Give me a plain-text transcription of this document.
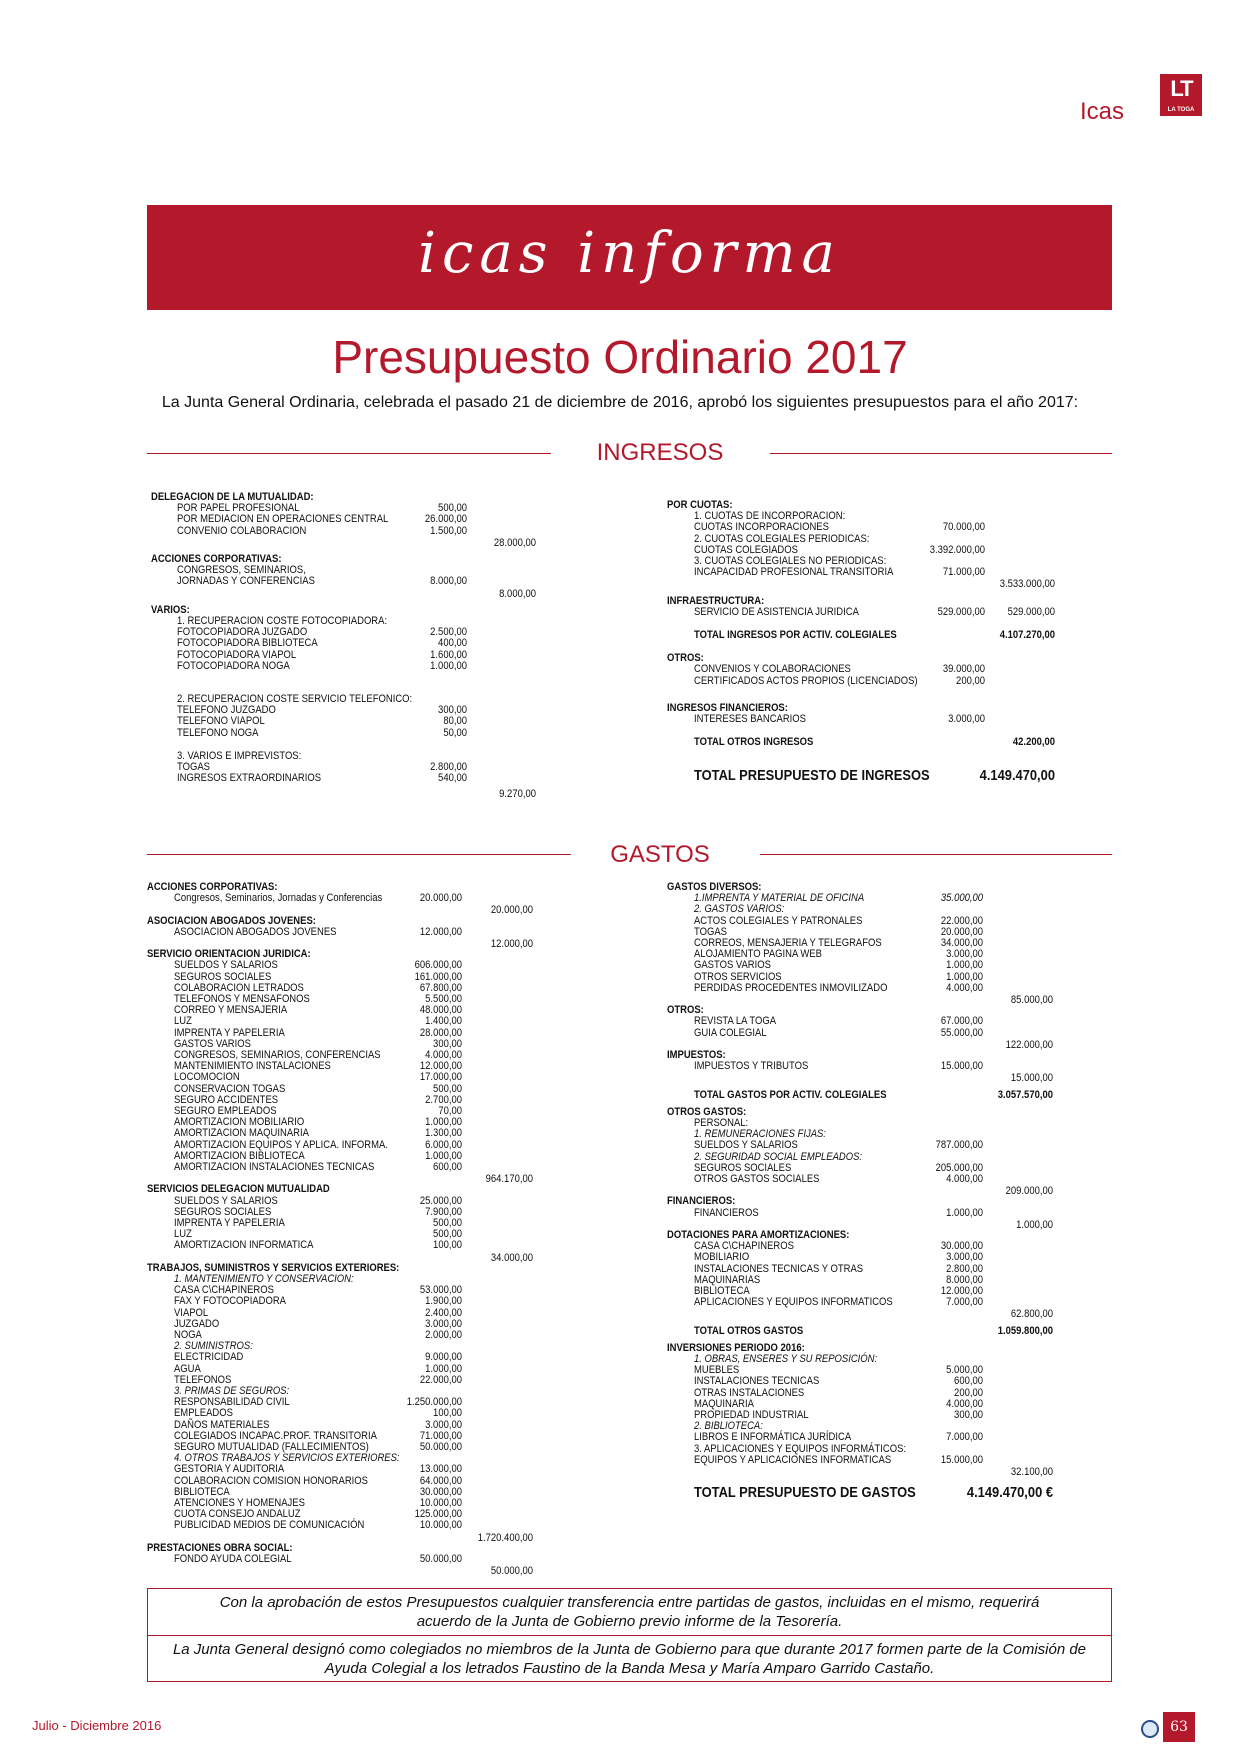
Icas
LT
LA TOGA
icas informa
Presupuesto Ordinario 2017
La Junta General Ordinaria, celebrada el pasado 21 de diciembre de 2016, aprobó los siguientes presupuestos para el año 2017:
INGRESOS
DELEGACION DE LA MUTUALIDAD:
POR PAPEL PROFESIONAL	500,00
POR MEDIACION EN OPERACIONES CENTRAL	26.000,00
CONVENIO COLABORACION	1.500,00
28.000,00
ACCIONES CORPORATIVAS:
CONGRESOS, SEMINARIOS,
JORNADAS Y CONFERENCIAS	8.000,00
8.000,00
VARIOS:
1. RECUPERACION COSTE FOTOCOPIADORA:
FOTOCOPIADORA JUZGADO	2.500,00
FOTOCOPIADORA BIBLIOTECA	400,00
FOTOCOPIADORA VIAPOL	1.600,00
FOTOCOPIADORA NOGA	1.000,00
2. RECUPERACION COSTE SERVICIO TELEFONICO:
TELEFONO JUZGADO	300,00
TELEFONO VIAPOL	80,00
TELEFONO NOGA	50,00
3. VARIOS E IMPREVISTOS:
TOGAS	2.800,00
INGRESOS EXTRAORDINARIOS	540,00
9.270,00
POR CUOTAS:
1. CUOTAS DE INCORPORACION:
CUOTAS INCORPORACIONES	70.000,00
2. CUOTAS COLEGIALES PERIODICAS:
CUOTAS COLEGIADOS	3.392.000,00
3. CUOTAS COLEGIALES NO PERIODICAS:
INCAPACIDAD PROFESIONAL TRANSITORIA	71.000,00
3.533.000,00
INFRAESTRUCTURA:
SERVICIO DE ASISTENCIA JURIDICA	529.000,00	529.000,00
TOTAL INGRESOS POR ACTIV. COLEGIALES	4.107.270,00
OTROS:
CONVENIOS Y COLABORACIONES	39.000,00
CERTIFICADOS ACTOS PROPIOS (LICENCIADOS)	200,00
INGRESOS FINANCIEROS:
INTERESES BANCARIOS	3.000,00
TOTAL OTROS INGRESOS	42.200,00
TOTAL PRESUPUESTO DE INGRESOS	4.149.470,00
GASTOS
ACCIONES CORPORATIVAS:
Congresos, Seminarios, Jornadas y Conferencias	20.000,00
20.000,00
ASOCIACION ABOGADOS JOVENES:
ASOCIACION ABOGADOS JOVENES	12.000,00
12.000,00
SERVICIO ORIENTACION JURIDICA:
SUELDOS Y SALARIOS	606.000,00
SEGUROS SOCIALES	161.000,00
COLABORACION LETRADOS	67.800,00
TELEFONOS Y MENSAFONOS	5.500,00
CORREO Y MENSAJERIA	48.000,00
LUZ	1.400,00
IMPRENTA Y PAPELERIA	28.000,00
GASTOS VARIOS	300,00
CONGRESOS, SEMINARIOS, CONFERENCIAS	4.000,00
MANTENIMIENTO INSTALACIONES	12.000,00
LOCOMOCION	17.000,00
CONSERVACION TOGAS	500,00
SEGURO ACCIDENTES	2.700,00
SEGURO EMPLEADOS	70,00
AMORTIZACION MOBILIARIO	1.000,00
AMORTIZACION MAQUINARIA	1.300,00
AMORTIZACION EQUIPOS Y APLICA. INFORMA.	6.000,00
AMORTIZACION BIBLIOTECA	1.000,00
AMORTIZACION INSTALACIONES TECNICAS	600,00
964.170,00
SERVICIOS DELEGACION MUTUALIDAD
SUELDOS Y SALARIOS	25.000,00
SEGUROS SOCIALES	7.900,00
IMPRENTA Y PAPELERIA	500,00
LUZ	500,00
AMORTIZACION INFORMATICA	100,00
34.000,00
TRABAJOS, SUMINISTROS Y SERVICIOS EXTERIORES:
1. MANTENIMIENTO Y CONSERVACION:
CASA C\CHAPINEROS	53.000,00
FAX Y FOTOCOPIADORA	1.900,00
VIAPOL	2.400,00
JUZGADO	3.000,00
NOGA	2.000,00
2. SUMINISTROS:
ELECTRICIDAD	9.000,00
AGUA	1.000,00
TELEFONOS	22.000,00
3. PRIMAS DE SEGUROS:
RESPONSABILIDAD CIVIL	1.250.000,00
EMPLEADOS	100,00
DAÑOS MATERIALES	3.000,00
COLEGIADOS INCAPAC.PROF. TRANSITORIA	71.000,00
SEGURO MUTUALIDAD (FALLECIMIENTOS)	50.000,00
4. OTROS TRABAJOS Y SERVICIOS EXTERIORES:
GESTORIA Y AUDITORIA	13.000,00
COLABORACION COMISION HONORARIOS	64.000,00
BIBLIOTECA	30.000,00
ATENCIONES Y HOMENAJES	10.000,00
CUOTA CONSEJO ANDALUZ	125.000,00
PUBLICIDAD MEDIOS DE COMUNICACIÓN	10.000,00
1.720.400,00
PRESTACIONES OBRA SOCIAL:
FONDO AYUDA COLEGIAL	50.000,00
50.000,00
GASTOS DIVERSOS:
1.IMPRENTA Y MATERIAL DE OFICINA	35.000,00
2. GASTOS VARIOS:
ACTOS COLEGIALES Y PATRONALES	22.000,00
TOGAS	20.000,00
CORREOS, MENSAJERIA Y TELEGRAFOS	34.000,00
ALOJAMIENTO PAGINA WEB	3.000,00
GASTOS VARIOS	1.000,00
OTROS SERVICIOS	1.000,00
PERDIDAS PROCEDENTES INMOVILIZADO	4.000,00
85.000,00
OTROS:
REVISTA LA TOGA	67.000,00
GUIA COLEGIAL	55.000,00
122.000,00
IMPUESTOS:
IMPUESTOS Y TRIBUTOS	15.000,00
15.000,00
TOTAL GASTOS POR ACTIV. COLEGIALES	3.057.570,00
OTROS GASTOS:
PERSONAL:
1. REMUNERACIONES FIJAS:
SUELDOS Y SALARIOS	787.000,00
2. SEGURIDAD SOCIAL EMPLEADOS:
SEGUROS SOCIALES	205.000,00
OTROS GASTOS SOCIALES	4.000,00
209.000,00
FINANCIEROS:
FINANCIEROS	1.000,00
1.000,00
DOTACIONES PARA AMORTIZACIONES:
CASA C\CHAPINEROS	30.000,00
MOBILIARIO	3.000,00
INSTALACIONES TECNICAS Y OTRAS	2.800,00
MAQUINARIAS	8.000,00
BIBLIOTECA	12.000,00
APLICACIONES Y EQUIPOS INFORMATICOS	7.000,00
62.800,00
TOTAL OTROS GASTOS	1.059.800,00
INVERSIONES PERIODO 2016:
1. OBRAS, ENSERES Y SU REPOSICIÓN:
MUEBLES	5.000,00
INSTALACIONES TECNICAS	600,00
OTRAS INSTALACIONES	200,00
MAQUINARIA	4.000,00
PROPIEDAD INDUSTRIAL	300,00
2. BIBLIOTECA:
LIBROS E INFORMÁTICA JURÍDICA	7.000,00
3. APLICACIONES Y EQUIPOS INFORMÁTICOS:
EQUIPOS Y APLICACIONES INFORMATICAS	15.000,00
32.100,00
TOTAL PRESUPUESTO DE GASTOS	4.149.470,00 €
Con la aprobación de estos Presupuestos cualquier transferencia entre partidas de gastos, incluidas en el mismo, requerirá acuerdo de la Junta de Gobierno previo informe de la Tesorería.
La Junta General designó como colegiados no miembros de la Junta de Gobierno para que durante 2017 formen parte de la Comisión de Ayuda Colegial a los letrados Faustino de la Banda Mesa y María Amparo Garrido Castaño.
Julio - Diciembre 2016	63
